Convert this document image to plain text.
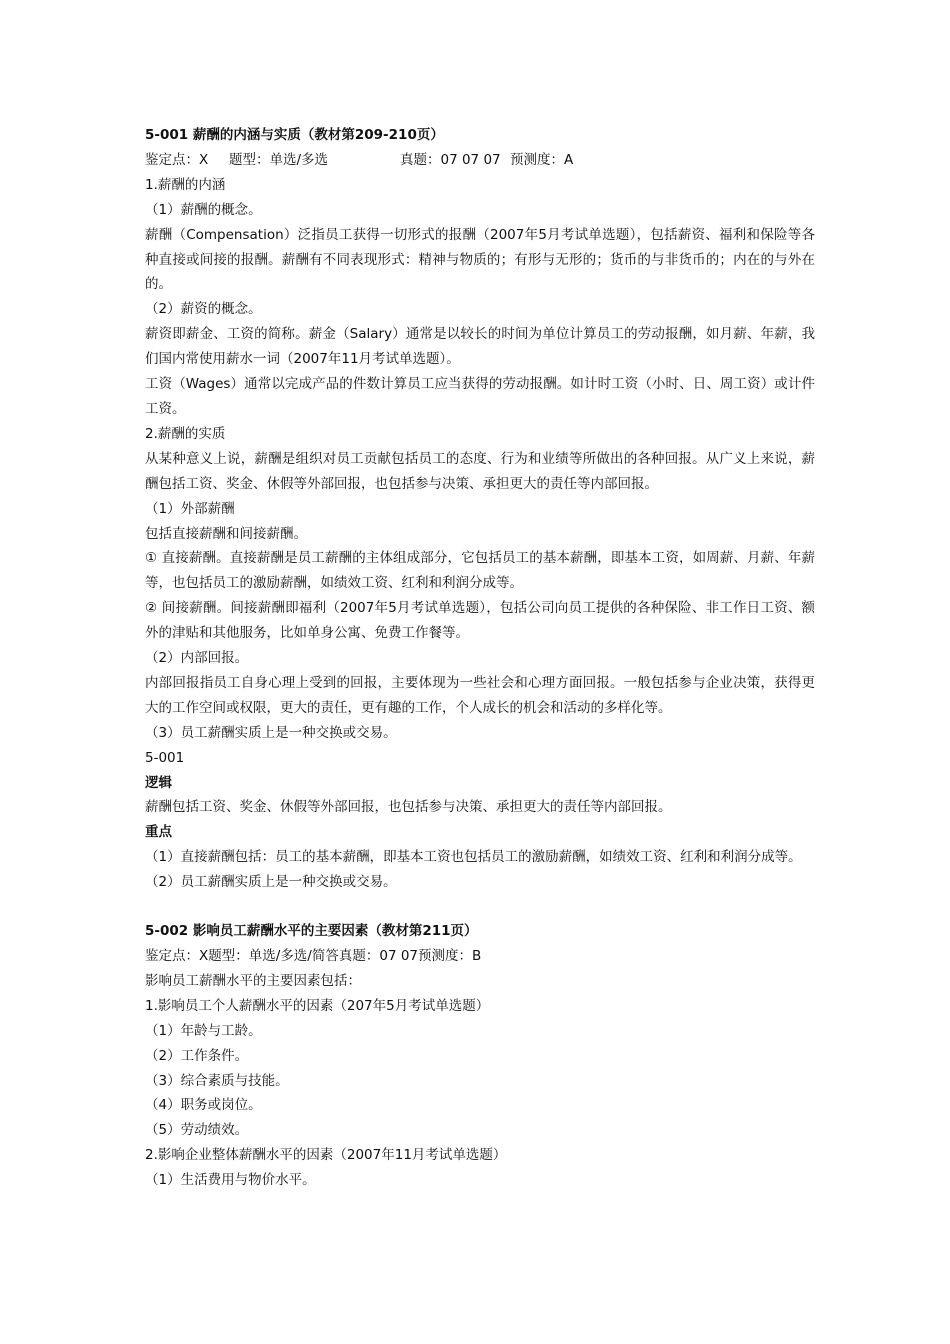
5-001 薪酬的内涵与实质（教材第209-210页）

鉴定点：X 题型：单选/多选	真题：07 07 07 预测度：A

1.薪酬的内涵

（1）薪酬的概念。

薪酬（Compensation）泛指员工获得一切形式的报酬（2007年5月考试单选题），包括薪资、福利和保险等各种直接或间接的报酬。薪酬有不同表现形式：精神与物质的；有形与无形的；货币的与非货币的；内在的与外在的。

（2）薪资的概念。

薪资即薪金、工资的简称。薪金（Salary）通常是以较长的时间为单位计算员工的劳动报酬，如月薪、年薪，我们国内常使用薪水一词（2007年11月考试单选题）。

工资（Wages）通常以完成产品的件数计算员工应当获得的劳动报酬。如计时工资（小时、日、周工资）或计件工资。

2.薪酬的实质

从某种意义上说，薪酬是组织对员工贡献包括员工的态度、行为和业绩等所做出的各种回报。从广义上来说，薪酬包括工资、奖金、休假等外部回报，也包括参与决策、承担更大的责任等内部回报。

（1）外部薪酬

包括直接薪酬和间接薪酬。

① 直接薪酬。直接薪酬是员工薪酬的主体组成部分，它包括员工的基本薪酬，即基本工资，如周薪、月薪、年薪等，也包括员工的激励薪酬，如绩效工资、红利和利润分成等。

② 间接薪酬。间接薪酬即福利（2007年5月考试单选题），包括公司向员工提供的各种保险、非工作日工资、额外的津贴和其他服务，比如单身公寓、免费工作餐等。

（2）内部回报。

内部回报指员工自身心理上受到的回报，主要体现为一些社会和心理方面回报。一般包括参与企业决策，获得更大的工作空间或权限，更大的责任，更有趣的工作，个人成长的机会和活动的多样化等。

（3）员工薪酬实质上是一种交换或交易。

5-001

逻辑

薪酬包括工资、奖金、休假等外部回报，也包括参与决策、承担更大的责任等内部回报。

重点

（1）直接薪酬包括：员工的基本薪酬，即基本工资也包括员工的激励薪酬，如绩效工资、红利和利润分成等。

（2）员工薪酬实质上是一种交换或交易。

5-002 影响员工薪酬水平的主要因素（教材第211页）

鉴定点：X题型：单选/多选/简答真题：07 07预测度：B

影响员工薪酬水平的主要因素包括：

1.影响员工个人薪酬水平的因素（207年5月考试单选题）

（1）年龄与工龄。

（2）工作条件。

（3）综合素质与技能。

（4）职务或岗位。

（5）劳动绩效。

2.影响企业整体薪酬水平的因素（2007年11月考试单选题）

（1）生活费用与物价水平。
